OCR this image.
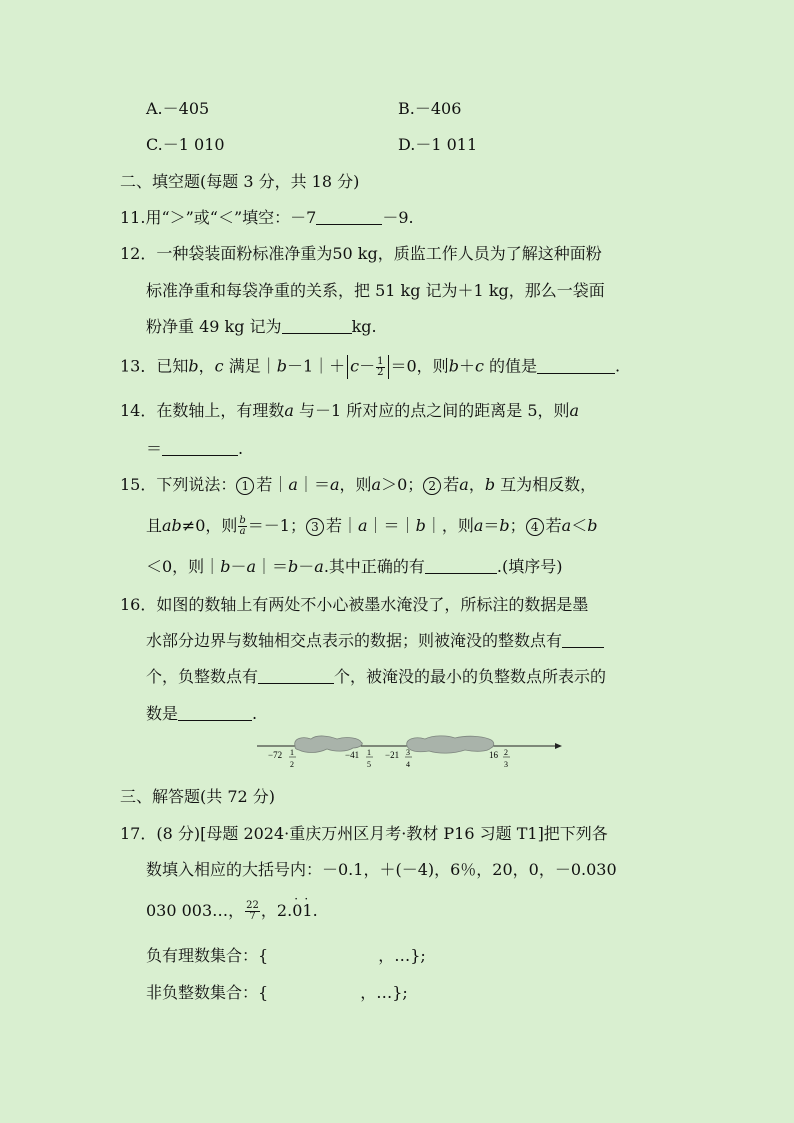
A.－405	B.－406
C.－1 010	D.－1 011
二、填空题(每题 3 分，共 18 分)
11.用“＞”或“＜”填空：－7	－9.
12．一种袋装面粉标准净重为50 kg，质监工作人员为了解这种面粉
标准净重和每袋净重的关系，把 51 kg 记为＋1 kg，那么一袋面
粉净重 49 kg 记为	kg.
13．已知b，c 满足｜b－1｜＋ $c- \frac{1}{2} =0$，则b＋c 的值是	.
14．在数轴上，有理数a 与－1 所对应的点之间的距离是 5，则a
＝	.
15．下列说法： 1 若｜a｜＝a，则a＞0； 2 若a，b 互为相反数，
且ab≠0，则 $\frac{b}{a} =-1$； 3 若｜a｜＝｜b｜，则a＝b； 4 若a＜b
＜0，则｜b－a｜＝b－a.其中正确的有	.(填序号)
16．如图的数轴上有两处不小心被墨水淹没了，所标注的数据是墨
水部分边界与数轴相交点表示的数据；则被淹没的整数点有
个，负整数点有	个，被淹没的最小的负整数点所表示的
数是	.
−72 1
2
−41 1
5
−21 3
4
16 2
3
三、解答题(共 72 分)
17．(8 分)[母题 2024·重庆万州区月考·教材 P16 习题 T1]把下列各
数填入相应的大括号内：－0.1，＋(－4)，6％，20，0，－0.030
030 003…， $\frac{22}{7}$ ，2.· 0· 1.
负有理数集合：{	，…};
非负整数集合：{	，…};
